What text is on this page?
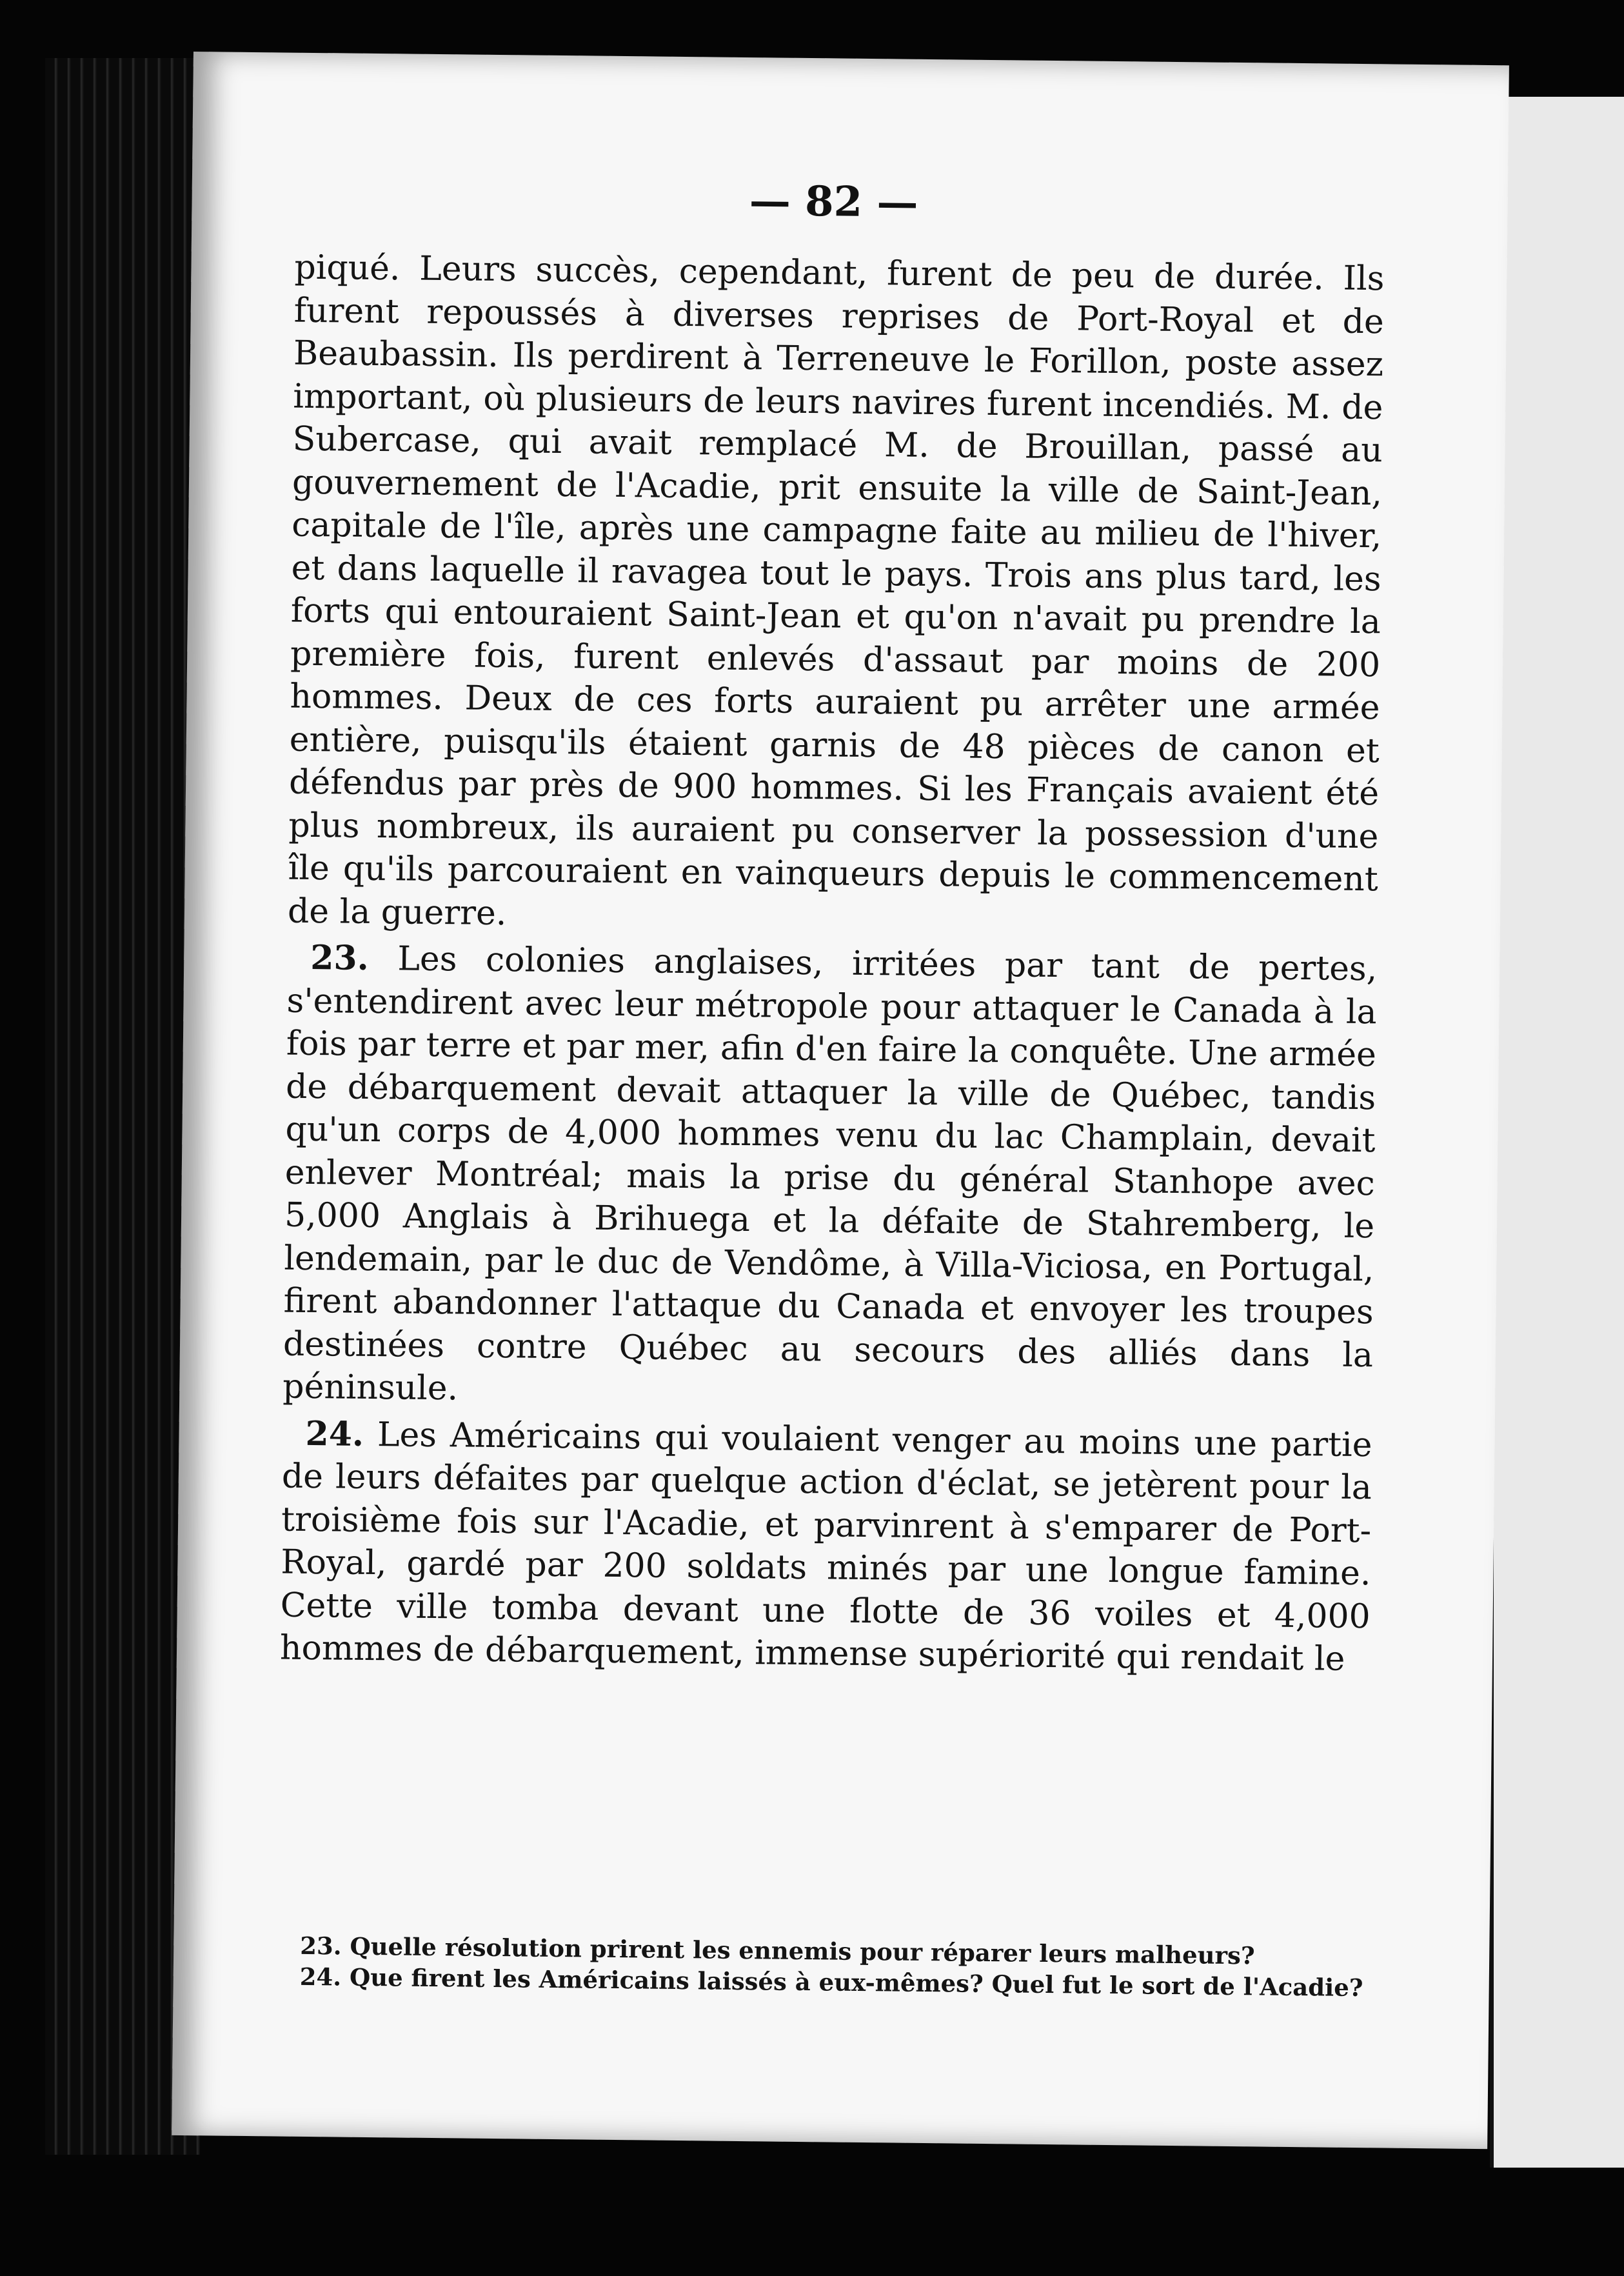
— 82 —

piqué. Leurs succès, cependant, furent de peu de durée. Ils furent repoussés à diverses reprises de Port-Royal et de Beaubassin. Ils perdirent à Terreneuve le Forillon, poste assez important, où plusieurs de leurs navires furent incendiés. M. de Subercase, qui avait remplacé M. de Brouillan, passé au gouvernement de l'Acadie, prit ensuite la ville de Saint-Jean, capitale de l'île, après une campagne faite au milieu de l'hiver, et dans laquelle il ravagea tout le pays. Trois ans plus tard, les forts qui entouraient Saint-Jean et qu'on n'avait pu prendre la première fois, furent enlevés d'assaut par moins de 200 hommes. Deux de ces forts auraient pu arrêter une armée entière, puisqu'ils étaient garnis de 48 pièces de canon et défendus par près de 900 hommes. Si les Français avaient été plus nombreux, ils auraient pu conserver la possession d'une île qu'ils parcouraient en vainqueurs depuis le commencement de la guerre.

23. Les colonies anglaises, irritées par tant de pertes, s'entendirent avec leur métropole pour attaquer le Canada à la fois par terre et par mer, afin d'en faire la conquête. Une armée de débarquement devait attaquer la ville de Québec, tandis qu'un corps de 4,000 hommes venu du lac Champlain, devait enlever Montréal; mais la prise du général Stanhope avec 5,000 Anglais à Brihuega et la défaite de Stahremberg, le lendemain, par le duc de Vendôme, à Villa-Viciosa, en Portugal, firent abandonner l'attaque du Canada et envoyer les troupes destinées contre Québec au secours des alliés dans la péninsule.

24. Les Américains qui voulaient venger au moins une partie de leurs défaites par quelque action d'éclat, se jetèrent pour la troisième fois sur l'Acadie, et parvinrent à s'emparer de Port-Royal, gardé par 200 soldats minés par une longue famine. Cette ville tomba devant une flotte de 36 voiles et 4,000 hommes de débarquement, immense supériorité qui rendait le

23. Quelle résolution prirent les ennemis pour réparer leurs malheurs?

24. Que firent les Américains laissés à eux-mêmes? Quel fut le sort de l'Acadie?
